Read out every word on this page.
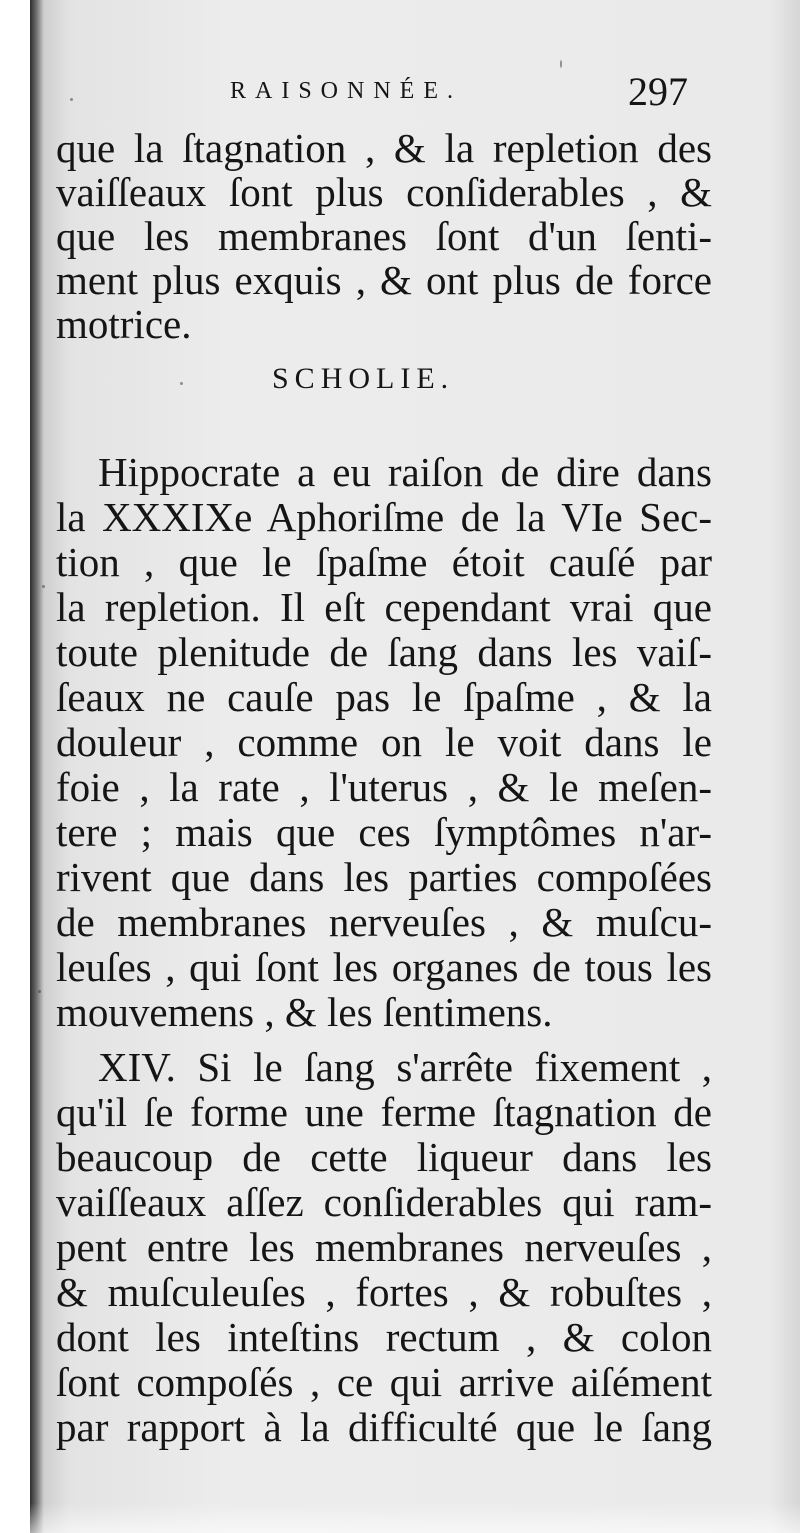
RAISONNÉE.	297
que la ſtagnation , & la repletion des
vaiſſeaux ſont plus conſiderables , &
que les membranes ſont d'un ſenti-
ment plus exquis , & ont plus de force
motrice.
SCHOLIE.
Hippocrate a eu raiſon de dire dans
la XXXIXe Aphoriſme de la VIe Sec-
tion , que le ſpaſme étoit cauſé par
la repletion. Il eſt cependant vrai que
toute plenitude de ſang dans les vaiſ-
ſeaux ne cauſe pas le ſpaſme , & la
douleur , comme on le voit dans le
foie , la rate , l'uterus , & le meſen-
tere ; mais que ces ſymptômes n'ar-
rivent que dans les parties compoſées
de membranes nerveuſes , & muſcu-
leuſes , qui ſont les organes de tous les
mouvemens , & les ſentimens.
XIV. Si le ſang s'arrête fixement ,
qu'il ſe forme une ferme ſtagnation de
beaucoup de cette liqueur dans les
vaiſſeaux aſſez conſiderables qui ram-
pent entre les membranes nerveuſes ,
& muſculeuſes , fortes , & robuſtes ,
dont les inteſtins rectum , & colon
ſont compoſés , ce qui arrive aiſément
par rapport à la difficulté que le ſang
